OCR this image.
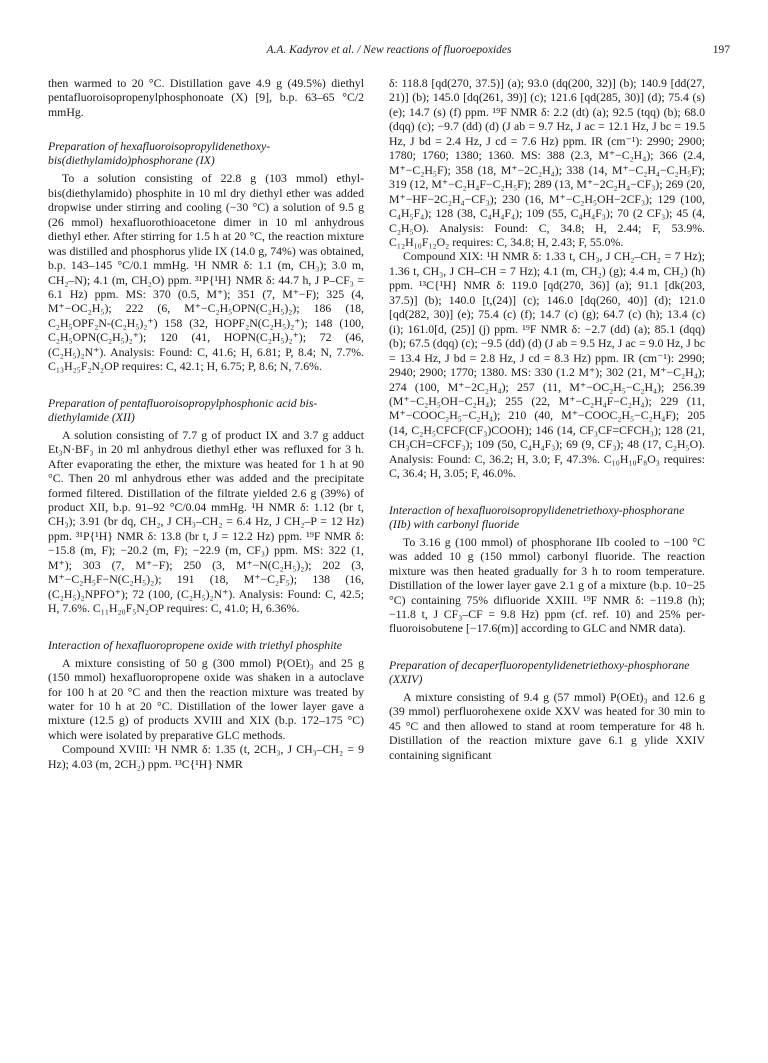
A.A. Kadyrov et al. / New reactions of fluoroepoxides	197

then warmed to 20 °C. Distillation gave 4.9 g (49.5%) diethyl pentafluoroisopropenylphosphonoate (X) [9], b.p. 63–65 °C/2 mmHg.

Preparation of hexafluoroisopropylidenethoxy-bis(diethylamido)phosphorane (IX)

To a solution consisting of 22.8 g (103 mmol) ethyl-bis(diethylamido) phosphite in 10 ml dry diethyl ether was added dropwise under stirring and cooling (−30 °C) a solution of 9.5 g (26 mmol) hexafluorothioacetone dimer in 10 ml anhydrous diethyl ether. After stirring for 1.5 h at 20 °C, the reaction mixture was distilled and phosphorus ylide IX (14.0 g, 74%) was obtained, b.p. 143–145 °C/0.1 mmHg. ¹H NMR δ: 1.1 (m, CH₃); 3.0 m, CH₂–N); 4.1 (m, CH₂O) ppm. ³¹P{¹H} NMR δ: 44.7 h, J P–CF₃ = 6.1 Hz) ppm. MS: 370 (0.5, M⁺); 351 (7, M⁺−F); 325 (4, M⁺−OC₂H₅); 222 (6, M⁺−C₂H₅OPN(C₂H₅)₂); 186 (18, C₂H₅OPF₂N-(C₂H₅)₂⁺) 158 (32, HOPF₂N(C₂H₅)₂⁺); 148 (100, C₂H₅OPN(C₂H₅)₂⁺); 120 (41, HOPN(C₂H₅)₂⁺); 72 (46, (C₂H₅)₂N⁺). Analysis: Found: C, 41.6; H, 6.81; P, 8.4; N, 7.7%. C₁₃H₂₅F₂N₂OP requires: C, 42.1; H, 6.75; P, 8.6; N, 7.6%.

Preparation of pentafluoroisopropylphosphonic acid bis-diethylamide (XII)

A solution consisting of 7.7 g of product IX and 3.7 g adduct Et₃N·BF₃ in 20 ml anhydrous diethyl ether was refluxed for 3 h. After evaporating the ether, the mixture was heated for 1 h at 90 °C. Then 20 ml anhydrous ether was added and the precipitate formed filtered. Distillation of the filtrate yielded 2.6 g (39%) of product XII, b.p. 91–92 °C/0.04 mmHg. ¹H NMR δ: 1.12 (br t, CH₃); 3.91 (br dq, CH₂, J CH₃–CH₂ = 6.4 Hz, J CH₂–P = 12 Hz) ppm. ³¹P{¹H} NMR δ: 13.8 (br t, J = 12.2 Hz) ppm. ¹⁹F NMR δ: −15.8 (m, F); −20.2 (m, F); −22.9 (m, CF₃) ppm. MS: 322 (1, M⁺); 303 (7, M⁺−F); 250 (3, M⁺−N(C₂H₅)₂); 202 (3, M⁺−C₂H₅F−N(C₂H₅)₂); 191 (18, M⁺−C₂F₅); 138 (16, (C₂H₅)₂NPFO⁺); 72 (100, (C₂H₅)₂N⁺). Analysis: Found: C, 42.5; H, 7.6%. C₁₁H₂₀F₅N₂OP requires: C, 41.0; H, 6.36%.

Interaction of hexafluoropropene oxide with triethyl phosphite

A mixture consisting of 50 g (300 mmol) P(OEt)₃ and 25 g (150 mmol) hexafluoropropene oxide was shaken in a autoclave for 100 h at 20 °C and then the reaction mixture was treated by water for 10 h at 20 °C. Distillation of the lower layer gave a mixture (12.5 g) of products XVIII and XIX (b.p. 172–175 °C) which were isolated by preparative GLC methods.

Compound XVIII: ¹H NMR δ: 1.35 (t, 2CH₃, J CH₃–CH₂ = 9 Hz); 4.03 (m, 2CH₂) ppm. ¹³C{¹H} NMR

δ: 118.8 [qd(270, 37.5)] (a); 93.0 (dq(200, 32)] (b); 140.9 [dd(27, 21)] (b); 145.0 [dq(261, 39)] (c); 121.6 [qd(285, 30)] (d); 75.4 (s) (e); 14.7 (s) (f) ppm. ¹⁹F NMR δ: 2.2 (dt) (a); 92.5 (tqq) (b); 68.0 (dqq) (c); −9.7 (dd) (d) (J ab = 9.7 Hz, J ac = 12.1 Hz, J bc = 19.5 Hz, J bd = 2.4 Hz, J cd = 7.6 Hz) ppm. IR (cm⁻¹): 2990; 2900; 1780; 1760; 1380; 1360. MS: 388 (2.3, M⁺−C₂H₄); 366 (2.4, M⁺−C₂H₅F); 358 (18, M⁺−2C₂H₄); 338 (14, M⁺−C₂H₄−C₂H₅F); 319 (12, M⁺−C₂H₄F−C₂H₅F); 289 (13, M⁺−2C₂H₄−CF₃); 269 (20, M⁺−HF−2C₂H₄−CF₃); 230 (16, M⁺−C₂H₅OH−2CF₃); 129 (100, C₄H₅F₄); 128 (38, C₄H₄F₄); 109 (55, C₄H₄F₃); 70 (2 CF₃); 45 (4, C₂H₅O). Analysis: Found: C, 34.8; H, 2.44; F, 53.9%. C₁₂H₁₀F₁₂O₂ requires: C, 34.8; H, 2.43; F, 55.0%.

Compound XIX: ¹H NMR δ: 1.33 t, CH₃, J CH₂–CH₂ = 7 Hz); 1.36 t, CH₃, J CH–CH = 7 Hz); 4.1 (m, CH₂) (g); 4.4 m, CH₂) (h) ppm. ¹³C{¹H} NMR δ: 119.0 [qd(270, 36)] (a); 91.1 [dk(203, 37.5)] (b); 140.0 [t,(24)] (c); 146.0 [dq(260, 40)] (d); 121.0 [qd(282, 30)] (e); 75.4 (c) (f); 14.7 (c) (g); 64.7 (c) (h); 13.4 (c) (i); 161.0[d, (25)] (j) ppm. ¹⁹F NMR δ: −2.7 (dd) (a); 85.1 (dqq) (b); 67.5 (dqq) (c); −9.5 (dd) (d) (J ab = 9.5 Hz, J ac = 9.0 Hz, J bc = 13.4 Hz, J bd = 2.8 Hz, J cd = 8.3 Hz) ppm. IR (cm⁻¹): 2990; 2940; 2900; 1770; 1380. MS: 330 (1.2 M⁺); 302 (21, M⁺−C₂H₄); 274 (100, M⁺−2C₂H₄); 257 (11, M⁺−OC₂H₅−C₂H₄); 256.39 (M⁺−C₂H₅OH−C₂H₄); 255 (22, M⁺−C₂H₄F−C₂H₄); 229 (11, M⁺−COOC₂H₅−C₂H₄); 210 (40, M⁺−COOC₂H₅−C₂H₄F); 205 (14, C₂H₅CFCF(CF₃)COOH); 146 (14, CF₃CF=CFCH₃); 128 (21, CH₃CH=CFCF₃); 109 (50, C₄H₄F₃); 69 (9, CF₃); 48 (17, C₂H₅O). Analysis: Found: C, 36.2; H, 3.0; F, 47.3%. C₁₀H₁₀F₈O₃ requires: C, 36.4; H, 3.05; F, 46.0%.

Interaction of hexafluoroisopropylidenetriethoxy-phosphorane (IIb) with carbonyl fluoride

To 3.16 g (100 mmol) of phosphorane IIb cooled to −100 °C was added 10 g (150 mmol) carbonyl fluoride. The reaction mixture was then heated gradually for 3 h to room temperature. Distillation of the lower layer gave 2.1 g of a mixture (b.p. 10−25 °C) containing 75% difluoride XXIII. ¹⁹F NMR δ: −119.8 (h); −11.8 t, J CF₃–CF = 9.8 Hz) ppm (cf. ref. 10) and 25% per-fluoroisobutene [−17.6(m)] according to GLC and NMR data).

Preparation of decaperfluoropentylidenetriethoxy-phosphorane (XXIV)

A mixture consisting of 9.4 g (57 mmol) P(OEt)₃ and 12.6 g (39 mmol) perfluorohexene oxide XXV was heated for 30 min to 45 °C and then allowed to stand at room temperature for 48 h. Distillation of the reaction mixture gave 6.1 g ylide XXIV containing significant
